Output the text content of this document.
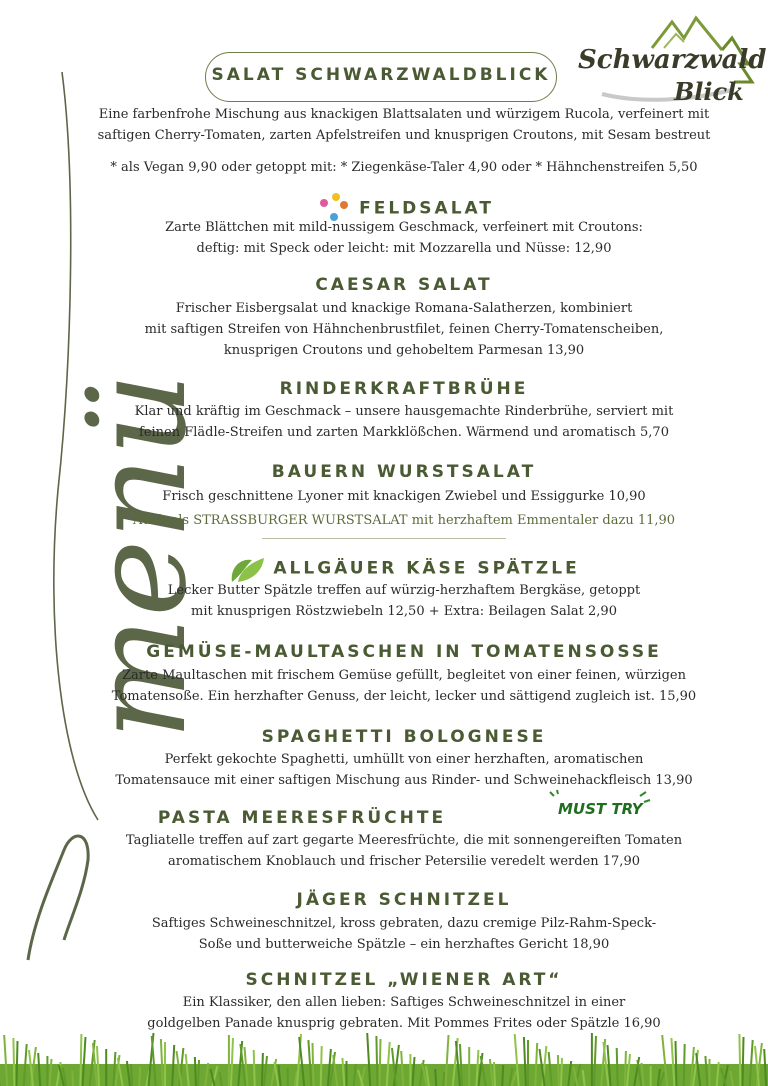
Schwarzwald
Blick
menü
SALAT SCHWARZWALDBLICK
Eine farbenfrohe Mischung aus knackigen Blattsalaten und würzigem Rucola, verfeinert mit
saftigen Cherry-Tomaten, zarten Apfelstreifen und knusprigen Croutons, mit Sesam bestreut
* als Vegan 9,90 oder getoppt mit: * Ziegenkäse-Taler 4,90 oder * Hähnchenstreifen 5,50
FELDSALAT
Zarte Blättchen mit mild-nussigem Geschmack, verfeinert mit Croutons:
deftig: mit Speck oder leicht: mit Mozzarella und Nüsse: 12,90
CAESAR SALAT
Frischer Eisbergsalat und knackige Romana-Salatherzen, kombiniert
mit saftigen Streifen von Hähnchenbrustfilet, feinen Cherry-Tomatenscheiben,
knusprigen Croutons und gehobeltem Parmesan 13,90
RINDERKRAFTBRÜHE
Klar und kräftig im Geschmack – unsere hausgemachte Rinderbrühe, serviert mit
feinen Flädle-Streifen und zarten Markklößchen. Wärmend und aromatisch 5,70
BAUERN WURSTSALAT
Frisch geschnittene Lyoner mit knackigen Zwiebel und Essiggurke 10,90
Auch als STRASSBURGER WURSTSALAT mit herzhaftem Emmentaler dazu 11,90
ALLGÄUER KÄSE SPÄTZLE
Lecker Butter Spätzle treffen auf würzig-herzhaftem Bergkäse, getoppt
mit knusprigen Röstzwiebeln 12,50 + Extra: Beilagen Salat 2,90
GEMÜSE-MAULTASCHEN IN TOMATENSOSSE
Zarte Maultaschen mit frischem Gemüse gefüllt, begleitet von einer feinen, würzigen
Tomatensoße. Ein herzhafter Genuss, der leicht, lecker und sättigend zugleich ist. 15,90
SPAGHETTI BOLOGNESE
Perfekt gekochte Spaghetti, umhüllt von einer herzhaften, aromatischen
Tomatensauce mit einer saftigen Mischung aus Rinder- und Schweinehackfleisch 13,90
PASTA MEERESFRÜCHTE	MUST TRY
Tagliatelle treffen auf zart gegarte Meeresfrüchte, die mit sonnengereiften Tomaten
aromatischem Knoblauch und frischer Petersilie veredelt werden 17,90
JÄGER SCHNITZEL
Saftiges Schweineschnitzel, kross gebraten, dazu cremige Pilz-Rahm-Speck-
Soße und butterweiche Spätzle – ein herzhaftes Gericht 18,90
SCHNITZEL „WIENER ART“
Ein Klassiker, den allen lieben: Saftiges Schweineschnitzel in einer
goldgelben Panade knusprig gebraten. Mit Pommes Frites oder Spätzle 16,90
